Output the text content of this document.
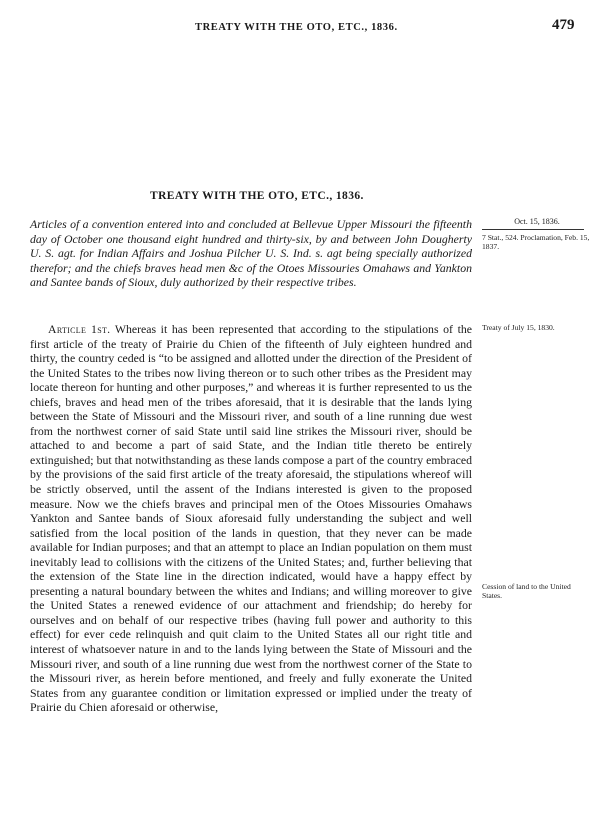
TREATY WITH THE OTO, ETC., 1836.	479
TREATY WITH THE OTO, ETC., 1836.

Articles of a convention entered into and concluded at Bellevue Upper Missouri the fifteenth day of October one thousand eight hundred and thirty-six, by and between John Dougherty U. S. agt. for Indian Affairs and Joshua Pilcher U. S. Ind. s. agt being specially authorized therefor; and the chiefs braves head men &c of the Otoes Missouries Omahaws and Yankton and Santee bands of Sioux, duly authorized by their respective tribes.

Oct. 15, 1836.
7 Stat., 524. Proclamation, Feb. 15, 1837.
Treaty of July 15, 1830.
Cession of land to the United States.

Article 1st. Whereas it has been represented that according to the stipulations of the first article of the treaty of Prairie du Chien of the fifteenth of July eighteen hundred and thirty, the country ceded is “to be assigned and allotted under the direction of the President of the United States to the tribes now living thereon or to such other tribes as the President may locate thereon for hunting and other purposes,” and whereas it is further represented to us the chiefs, braves and head men of the tribes aforesaid, that it is desirable that the lands lying between the State of Missouri and the Missouri river, and south of a line running due west from the northwest corner of said State until said line strikes the Missouri river, should be attached to and become a part of said State, and the Indian title thereto be entirely extinguished; but that notwithstanding as these lands compose a part of the country embraced by the provisions of the said first article of the treaty aforesaid, the stipulations whereof will be strictly observed, until the assent of the Indians interested is given to the proposed measure. Now we the chiefs braves and principal men of the Otoes Missouries Omahaws Yankton and Santee bands of Sioux aforesaid fully understanding the subject and well satisfied from the local position of the lands in question, that they never can be made available for Indian purposes; and that an attempt to place an Indian population on them must inevitably lead to collisions with the citizens of the United States; and, further believing that the extension of the State line in the direction indicated, would have a happy effect by presenting a natural boundary between the whites and Indians; and willing moreover to give the United States a renewed evidence of our attachment and friendship; do hereby for ourselves and on behalf of our respective tribes (having full power and authority to this effect) for ever cede relinquish and quit claim to the United States all our right title and interest of whatsoever nature in and to the lands lying between the State of Missouri and the Missouri river, and south of a line running due west from the northwest corner of the State to the Missouri river, as herein before mentioned, and freely and fully exonerate the United States from any guarantee condition or limitation expressed or implied under the treaty of Prairie du Chien aforesaid or otherwise,
